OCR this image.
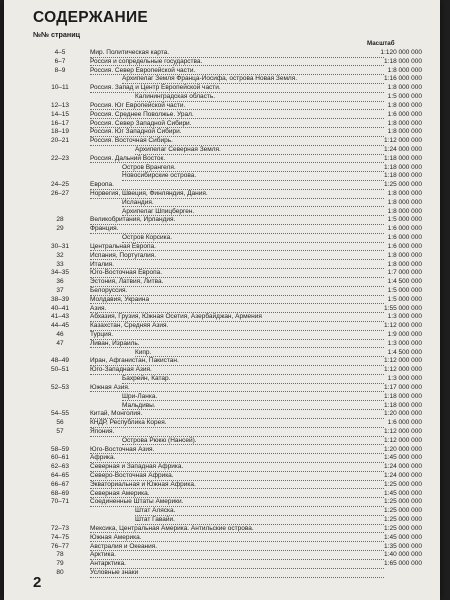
СОДЕРЖАНИЕ
№№ страниц
Масштаб
4–5	Мир. Политическая карта.	1:120 000 000
6–7	Россия и сопредельные государства.	1:18 000 000
8–9	Россия. Север Европейской части.	1:8 000 000
Архипелаг Земля Франца-Иосифа, острова Новая Земля.	1:16 000 000
10–11	Россия. Запад и Центр Европейской части.	1:8 000 000
Калининградская область.	1:5 000 000
12–13	Россия. Юг Европейской части.	1:8 000 000
14–15	Россия. Среднее Поволжье. Урал.	1:6 000 000
16–17	Россия. Север Западной Сибири.	1:8 000 000
18–19	Россия. Юг Западной Сибири.	1:8 000 000
20–21	Россия. Восточная Сибирь.	1:12 000 000
Архипелаг Северная Земля.	1:24 000 000
22–23	Россия. Дальний Восток.	1:18 000 000
Остров Врангеля.	1:18 000 000
Новосибирские острова.	1:18 000 000
24–25	Европа.	1:25 000 000
26–27	Норвегия, Швеция, Финляндия, Дания.	1:8 000 000
Исландия.	1:8 000 000
Архипелаг Шпицберген.	1:8 000 000
28	Великобритания, Ирландия.	1:5 000 000
29	Франция.	1:6 000 000
Остров Корсика.	1:6 000 000
30–31	Центральная Европа.	1:6 000 000
32	Испания, Португалия.	1:8 000 000
33	Италия.	1:8 000 000
34–35	Юго-Восточная Европа.	1:7 000 000
36	Эстония, Латвия, Литва.	1:4 500 000
37	Белоруссия.	1:5 000 000
38–39	Молдавия, Украина	1:5 000 000
40–41	Азия.	1:55 000 000
41–43	Абхазия, Грузия, Южная Осетия, Азербайджан, Армения	1:3 000 000
44–45	Казахстан, Средняя Азия.	1:12 000 000
46	Турция.	1:9 000 000
47	Ливан, Израиль.	1:3 000 000
Кипр.	1:4 500 000
48–49	Иран, Афганистан, Пакистан.	1:12 000 000
50–51	Юго-Западная Азия.	1:12 000 000
Бахрейн, Катар.	1:3 000 000
52–53	Южная Азия.	1:17 000 000
Шри-Ланка.	1:18 000 000
Мальдивы.	1:18 000 000
54–55	Китай, Монголия.	1:20 000 000
56	КНДР, Республика Корея.	1:6 000 000
57	Япония.	1:12 000 000
Острова Рюкю (Нансей).	1:12 000 000
58–59	Юго-Восточная Азия.	1:20 000 000
60–61	Африка.	1:45 000 000
62–63	Северная и Западная Африка.	1:24 000 000
64–65	Северо-Восточная Африка.	1:24 000 000
66–67	Экваториальная и Южная Африка.	1:25 000 000
68–69	Северная Америка.	1:45 000 000
70–71	Соединенные Штаты Америки.	1:25 000 000
Штат Аляска.	1:25 000 000
Штат Гавайи.	1:25 000 000
72–73	Мексика, Центральная Америка. Антильские острова.	1:25 000 000
74–75	Южная Америка.	1:45 000 000
76–77	Австралия и Океания.	1:35 000 000
78	Арктика.	1:40 000 000
79	Антарктика.	1:65 000 000
80	Условные знаки
2
